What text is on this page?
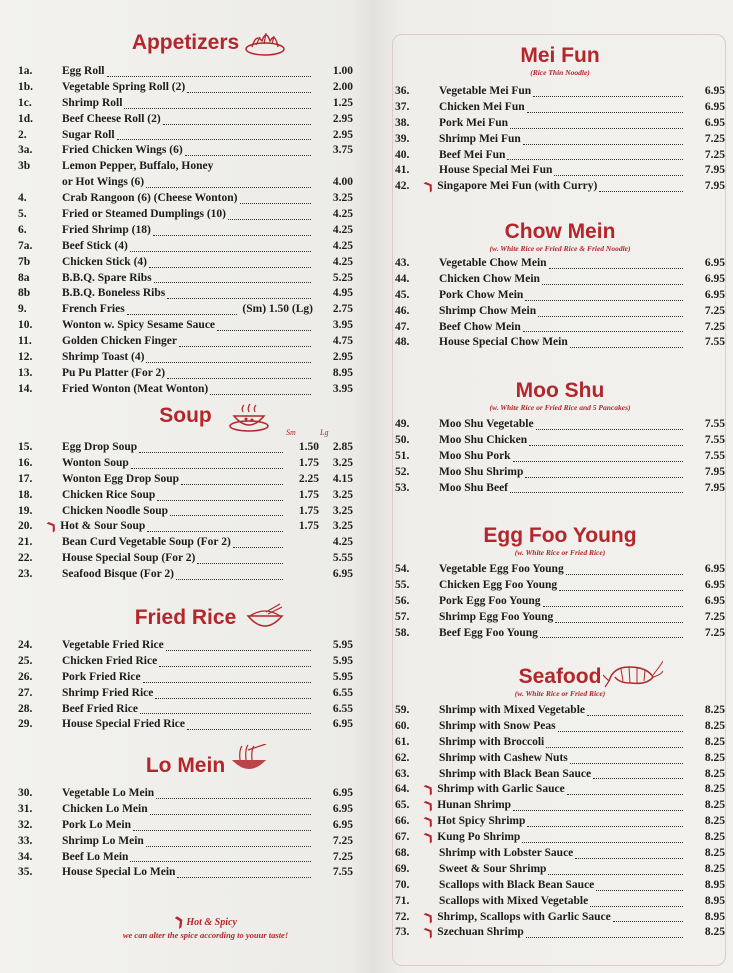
Appetizers
1a.	Egg Roll	1.00
1b.	Vegetable Spring Roll (2)	2.00
1c.	Shrimp Roll	1.25
1d.	Beef Cheese Roll (2)	2.95
2.	Sugar Roll	2.95
3a.	Fried Chicken Wings (6)	3.75
3b	Lemon Pepper, Buffalo, Honey
or Hot Wings (6)	4.00
4.	Crab Rangoon (6) (Cheese Wonton)	3.25
5.	Fried or Steamed Dumplings (10)	4.25
6.	Fried Shrimp (18)	4.25
7a.	Beef Stick (4)	4.25
7b	Chicken Stick (4)	4.25
8a	B.B.Q. Spare Ribs	5.25
8b	B.B.Q. Boneless Ribs	4.95
9.	French Fries	(Sm) 1.50 (Lg)	2.75
10.	Wonton w. Spicy Sesame Sauce	3.95
11.	Golden Chicken Finger	4.75
12.	Shrimp Toast (4)	2.95
13.	Pu Pu Platter (For 2)	8.95
14.	Fried Wonton (Meat Wonton)	3.95
Soup
Sm	Lg
15.	Egg Drop Soup	1.50	2.85
16.	Wonton Soup	1.75	3.25
17.	Wonton Egg Drop Soup	2.25	4.15
18.	Chicken Rice Soup	1.75	3.25
19.	Chicken Noodle Soup	1.75	3.25
20.	❯ Hot & Sour Soup	1.75	3.25
21.	Bean Curd Vegetable Soup (For 2)	4.25
22.	House Special Soup (For 2)	5.55
23.	Seafood Bisque (For 2)	6.95
Fried Rice
24.	Vegetable Fried Rice	5.95
25.	Chicken Fried Rice	5.95
26.	Pork Fried Rice	5.95
27.	Shrimp Fried Rice	6.55
28.	Beef Fried Rice	6.55
29.	House Special Fried Rice	6.95
Lo Mein
30.	Vegetable Lo Mein	6.95
31.	Chicken Lo Mein	6.95
32.	Pork Lo Mein	6.95
33.	Shrimp Lo Mein	7.25
34.	Beef Lo Mein	7.25
35.	House Special Lo Mein	7.55
❯Hot & Spicy
we can alter the spice according to youur taste!
Mei Fun
(Rice Thin Noodle)
36.	Vegetable Mei Fun	6.95
37.	Chicken Mei Fun	6.95
38.	Pork Mei Fun	6.95
39.	Shrimp Mei Fun	7.25
40.	Beef Mei Fun	7.25
41.	House Special Mei Fun	7.95
42.	❯ Singapore Mei Fun (with Curry)	7.95
Chow Mein
(w. White Rice or Fried Rice & Fried Noodle)
43.	Vegetable Chow Mein	6.95
44.	Chicken Chow Mein	6.95
45.	Pork Chow Mein	6.95
46.	Shrimp Chow Mein	7.25
47.	Beef Chow Mein	7.25
48.	House Special Chow Mein	7.55
Moo Shu
(w. White Rice or Fried Rice and 5 Pancakes)
49.	Moo Shu Vegetable	7.55
50.	Moo Shu Chicken	7.55
51.	Moo Shu Pork	7.55
52.	Moo Shu Shrimp	7.95
53.	Moo Shu Beef	7.95
Egg Foo Young
(w. White Rice or Fried Rice)
54.	Vegetable Egg Foo Young	6.95
55.	Chicken Egg Foo Young	6.95
56.	Pork Egg Foo Young	6.95
57.	Shrimp Egg Foo Young	7.25
58.	Beef Egg Foo Young	7.25
Seafood
(w. White Rice or Fried Rice)
59.	Shrimp with Mixed Vegetable	8.25
60.	Shrimp with Snow Peas	8.25
61.	Shrimp with Broccoli	8.25
62.	Shrimp with Cashew Nuts	8.25
63.	Shrimp with Black Bean Sauce	8.25
64.	❯ Shrimp with Garlic Sauce	8.25
65.	❯ Hunan Shrimp	8.25
66.	❯ Hot Spicy Shrimp	8.25
67.	❯ Kung Po Shrimp	8.25
68.	Shrimp with Lobster Sauce	8.25
69.	Sweet & Sour Shrimp	8.25
70.	Scallops with Black Bean Sauce	8.95
71.	Scallops with Mixed Vegetable	8.95
72.	❯ Shrimp, Scallops with Garlic Sauce	8.95
73.	❯ Szechuan Shrimp	8.25
